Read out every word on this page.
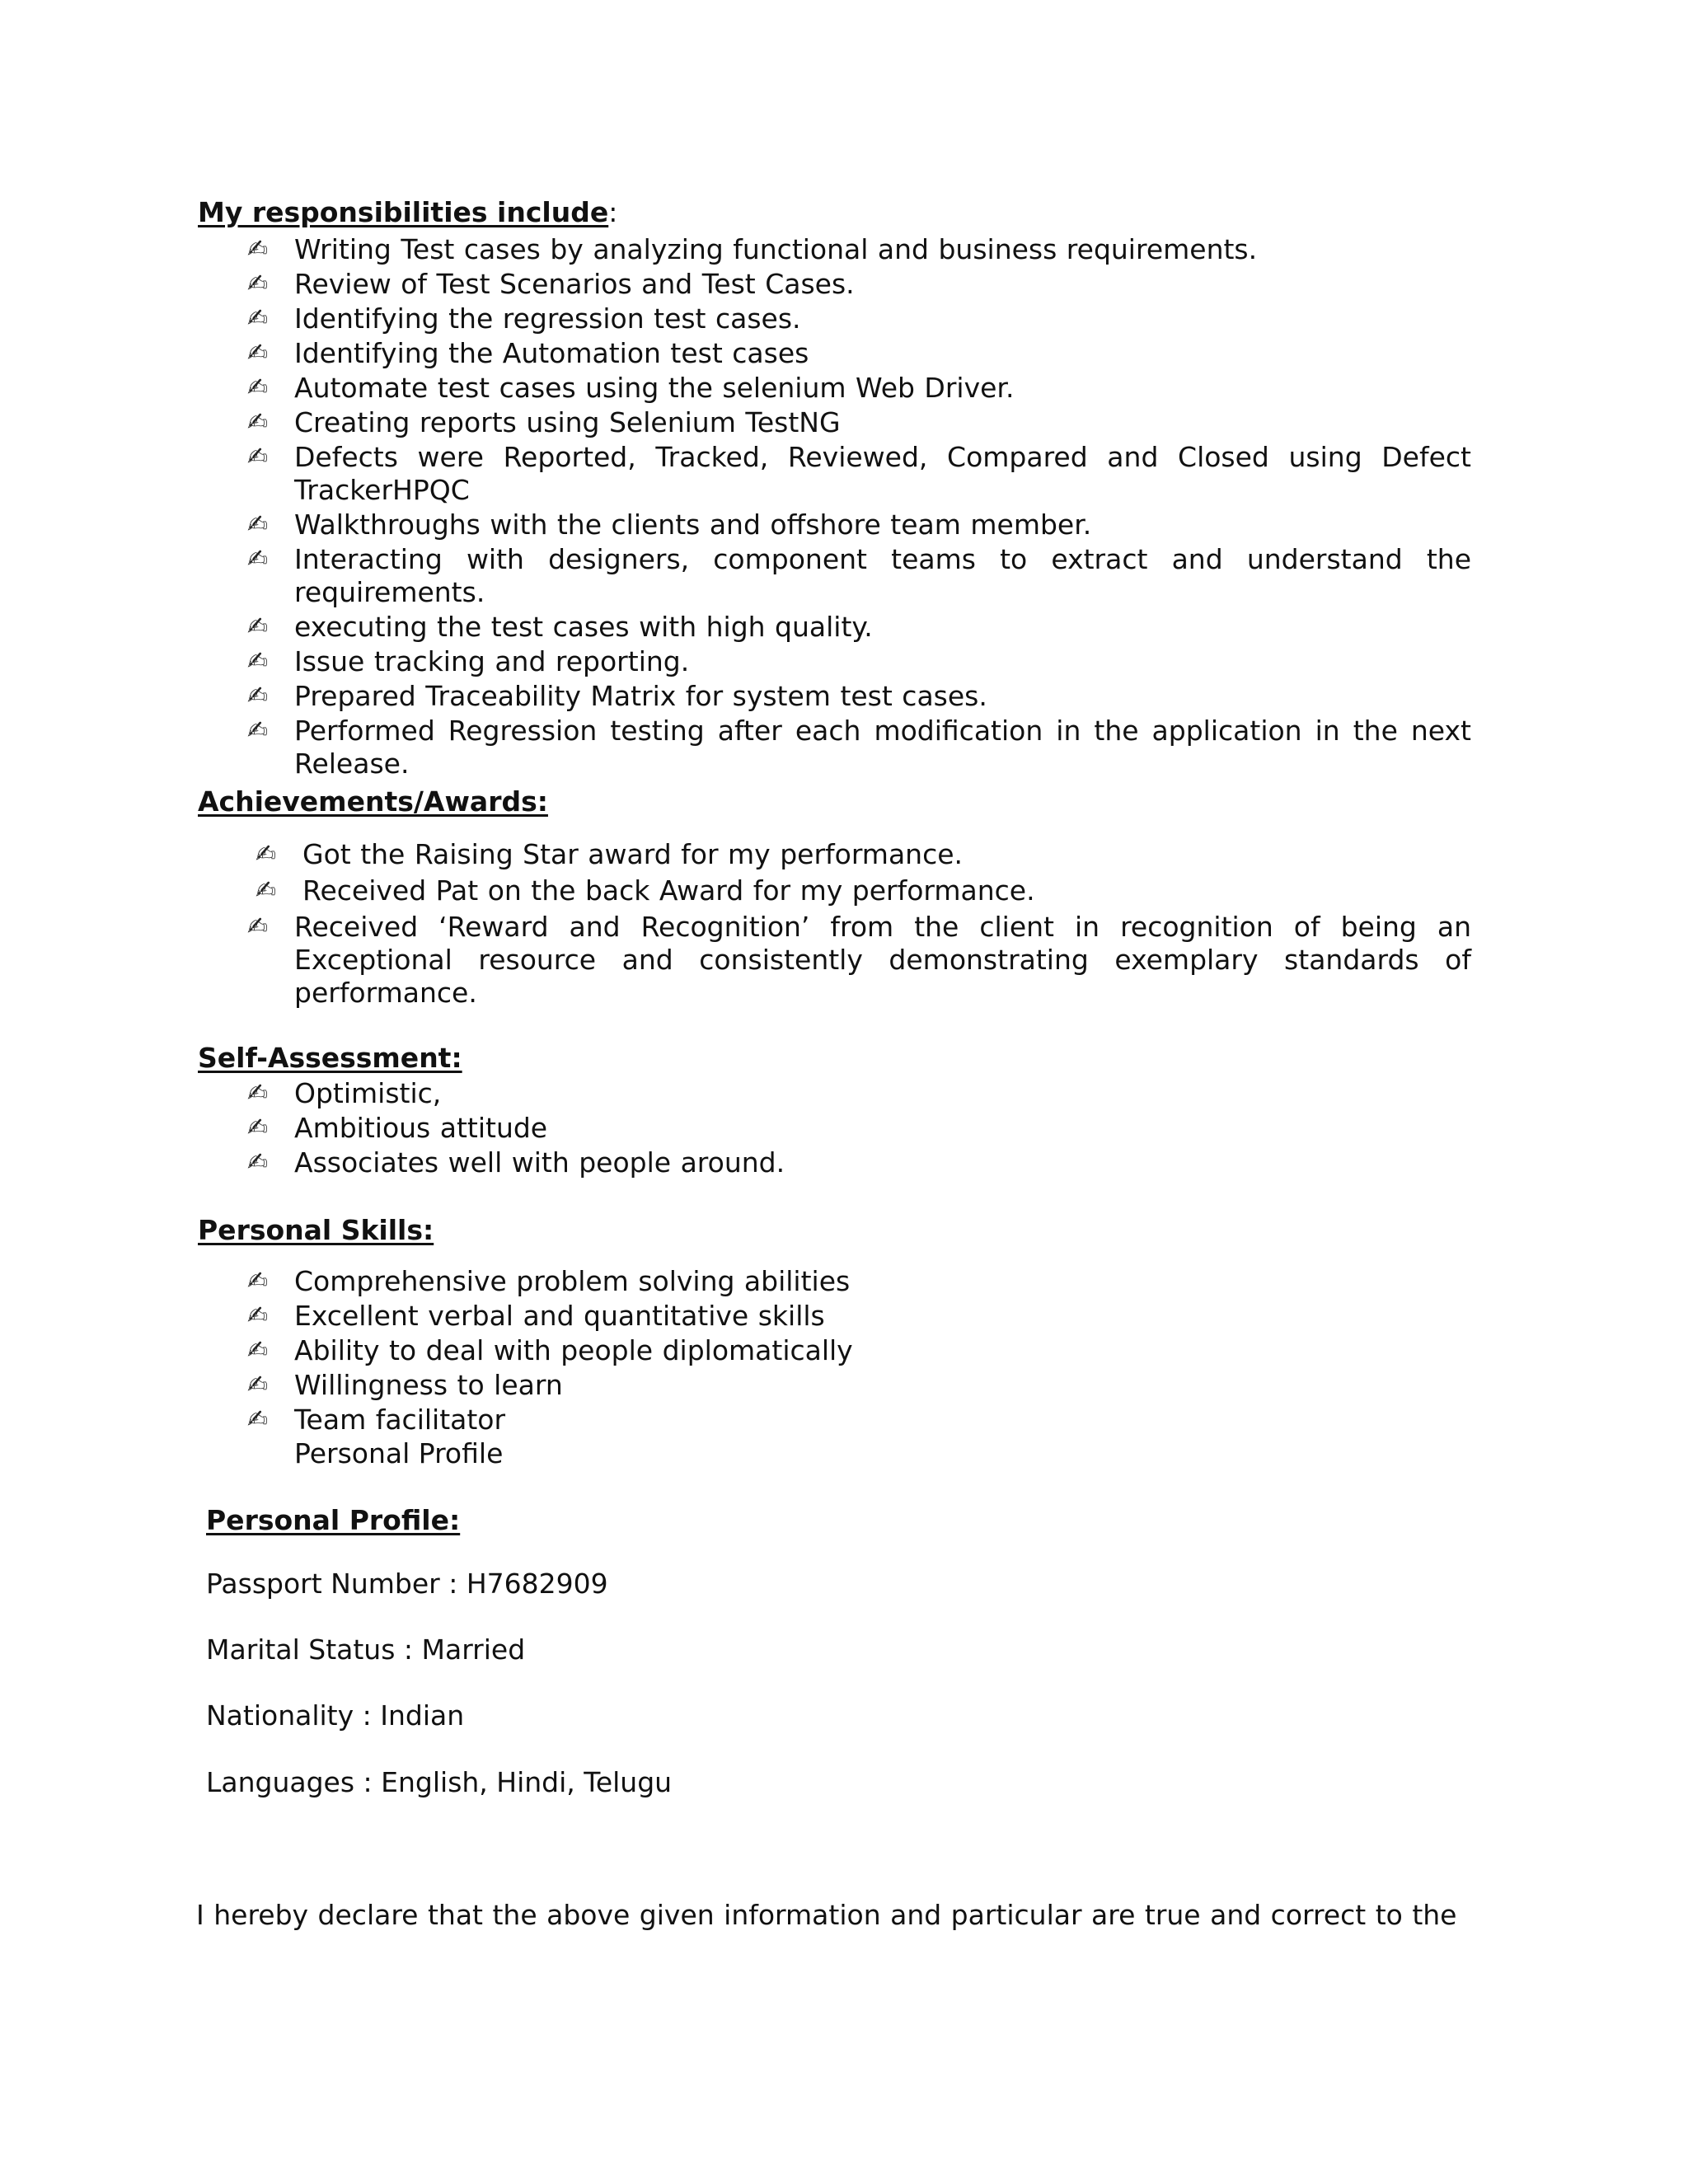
My responsibilities include:
✍ Writing Test cases by analyzing functional and business requirements.
✍ Review of Test Scenarios and Test Cases.
✍ Identifying the regression test cases.
✍ Identifying the Automation test cases
✍ Automate test cases using the selenium Web Driver.
✍ Creating reports using Selenium TestNG
✍ Defects were Reported, Tracked, Reviewed, Compared and Closed using Defect TrackerHPQC
✍ Walkthroughs with the clients and offshore team member.
✍ Interacting with designers, component teams to extract and understand the requirements.
✍ executing the test cases with high quality.
✍ Issue tracking and reporting.
✍ Prepared Traceability Matrix for system test cases.
✍ Performed Regression testing after each modification in the application in the next Release.
Achievements/Awards:
✍ Got the Raising Star award for my performance.
✍ Received Pat on the back Award for my performance.
✍ Received ‘Reward and Recognition’ from the client in recognition of being an Exceptional resource and consistently demonstrating exemplary standards of performance.
Self-Assessment:
✍ Optimistic,
✍ Ambitious attitude
✍ Associates well with people around.
Personal Skills:
✍ Comprehensive problem solving abilities
✍ Excellent verbal and quantitative skills
✍ Ability to deal with people diplomatically
✍ Willingness to learn
✍ Team facilitator
Personal Profile
Personal Profile:
Passport Number : H7682909
Marital Status : Married
Nationality : Indian
Languages : English, Hindi, Telugu
I hereby declare that the above given information and particular are true and correct to the
